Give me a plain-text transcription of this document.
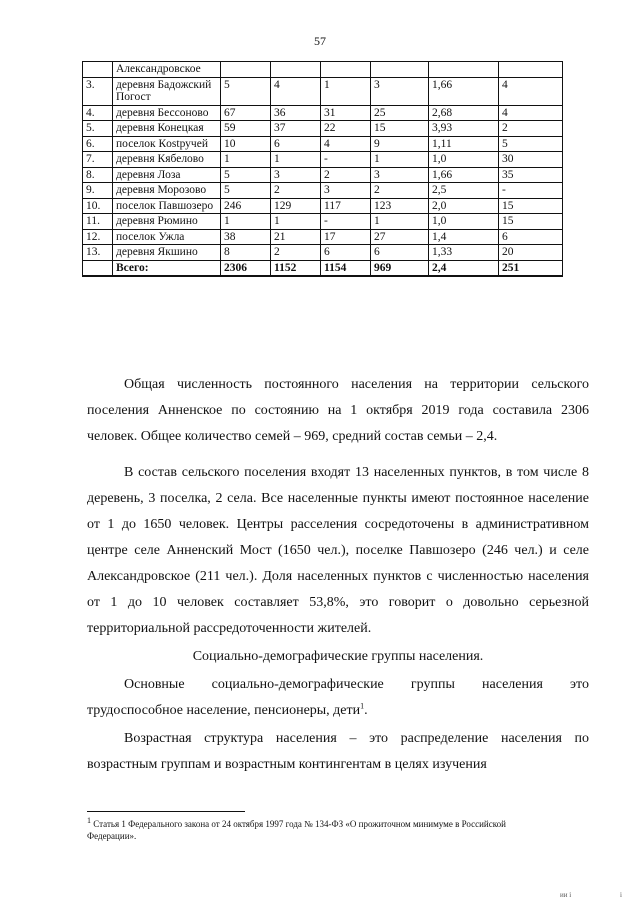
57
	Александровское						
3.	деревня Бадожский Погост	5	4	1	3	1,66	4
4.	деревня Бессоново	67	36	31	25	2,68	4
5.	деревня Конецкая	59	37	22	15	3,93	2
6.	поселок Кostручей	10	6	4	9	1,11	5
7.	деревня Кябелово	1	1	-	1	1,0	30
8.	деревня Лоза	5	3	2	3	1,66	35
9.	деревня Морозово	5	2	3	2	2,5	-
10.	поселок Павшозеро	246	129	117	123	2,0	15
11.	деревня Рюмино	1	1	-	1	1,0	15
12.	поселок Ужла	38	21	17	27	1,4	6
13.	деревня Якшино	8	2	6	6	1,33	20
	Всего:	2306	1152	1154	969	2,4	251

Общая численность постоянного населения на территории сельского поселения Анненское по состоянию на 1 октября 2019 года составила 2306 человек. Общее количество семей – 969, средний состав семьи – 2,4.

В состав сельского поселения входят 13 населенных пунктов, в том числе 8 деревень, 3 поселка, 2 села. Все населенные пункты имеют постоянное население от 1 до 1650 человек. Центры расселения сосредоточены в административном центре селе Анненский Мост (1650 чел.), поселке Павшозеро (246 чел.) и селе Александровское (211 чел.). Доля населенных пунктов с численностью населения от 1 до 10 человек составляет 53,8%, это говорит о довольно серьезной территориальной рассредоточенности жителей.

Социально-демографические группы населения.

Основные социально-демографические группы населения это трудоспособное население, пенсионеры, дети$^1$.

Возрастная структура населения – это распределение населения по возрастным группам и возрастным контингентам в целях изучения

$^1$ Статья 1 Федерального закона от 24 октября 1997 года № 134-ФЗ «О прожиточном минимуме в Российской Федерации».
ии і	і
